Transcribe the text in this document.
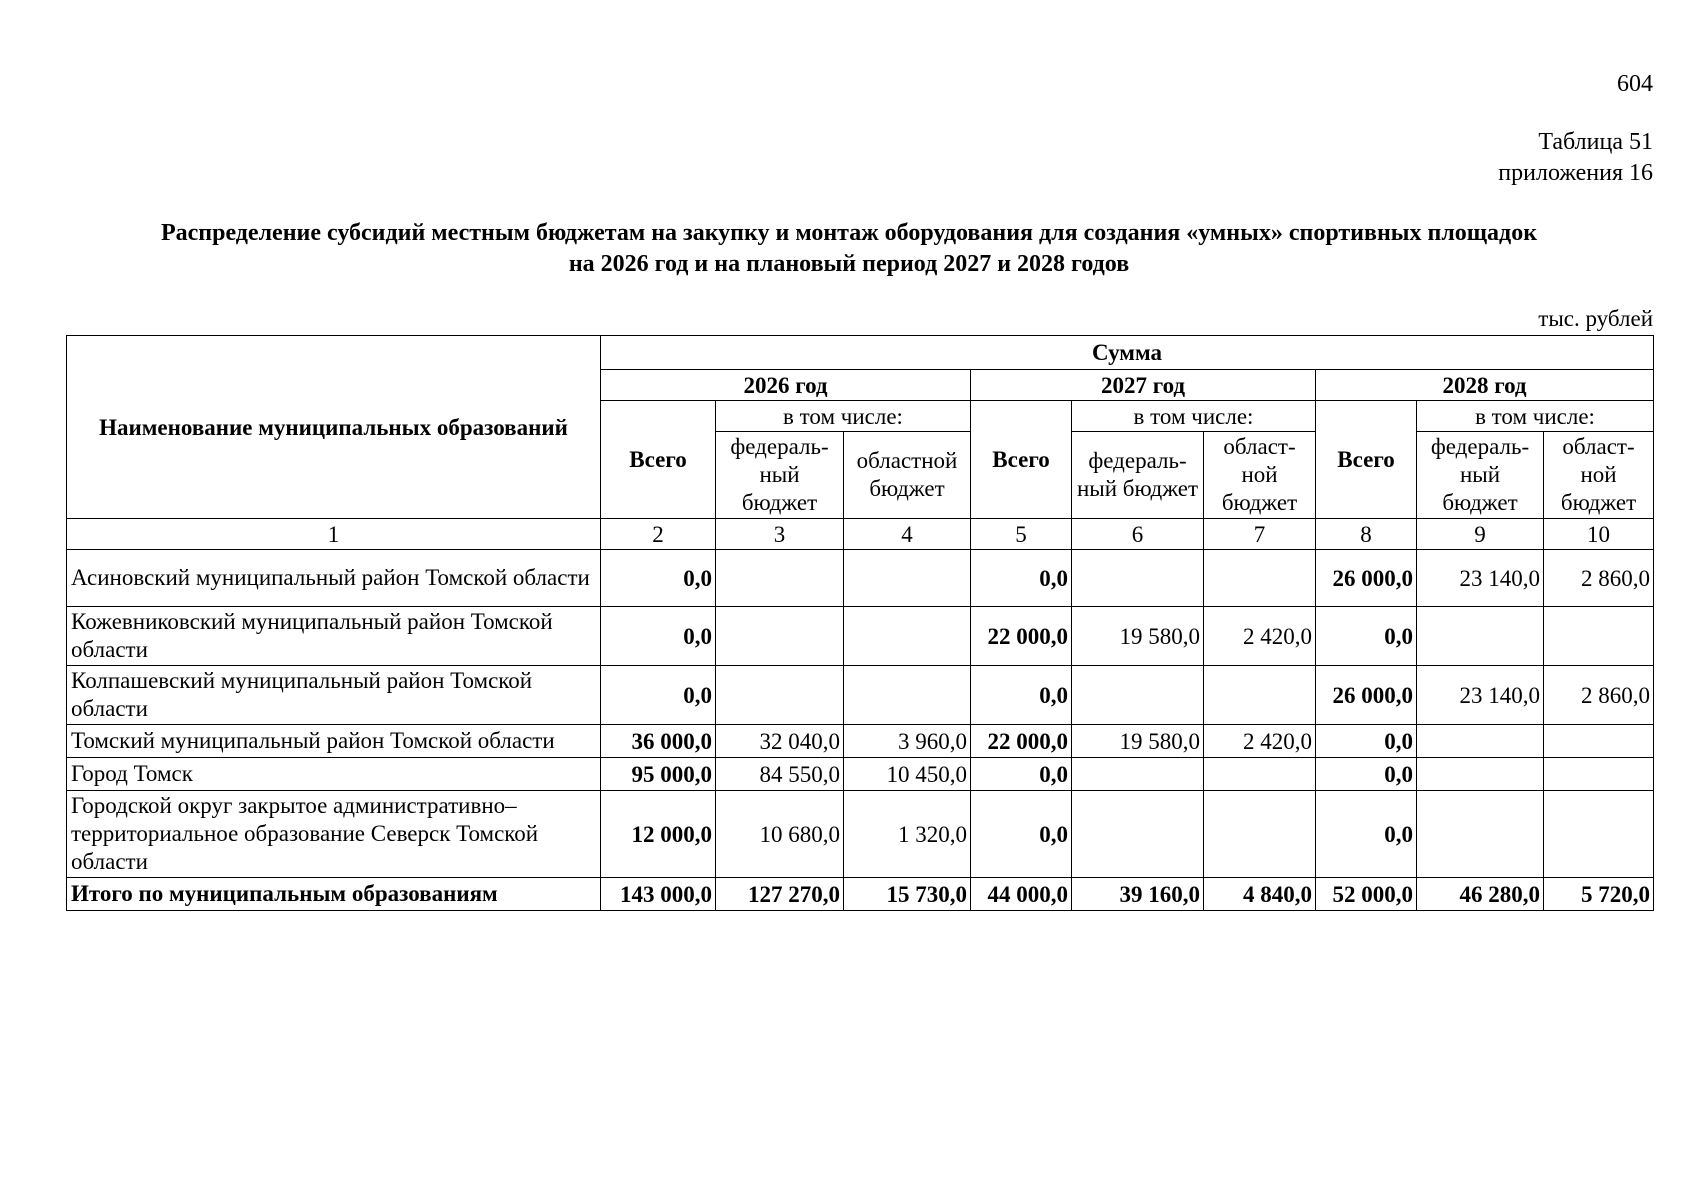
604
Таблица 51
приложения 16
Распределение субсидий местным бюджетам на закупку и монтаж оборудования для создания «умных» спортивных площадок
на 2026 год и на плановый период 2027 и 2028 годов
тыс. рублей
Наименование муниципальных образований	Сумма								
	2026 год			2027 год			2028 год		
	Всего	в том числе:		Всего	в том числе:		Всего	в том числе:	
		федераль-ный бюджет	областной бюджет		федераль-ный бюджет	област-ной бюджет		федераль-ный бюджет	област-ной бюджет
1	2	3	4	5	6	7	8	9	10
Асиновский муниципальный район Томской области	0,0			0,0			26 000,0	23 140,0	2 860,0
Кожевниковский муниципальный район Томской области	0,0			22 000,0	19 580,0	2 420,0	0,0		
Колпашевский муниципальный район Томской области	0,0			0,0			26 000,0	23 140,0	2 860,0
Томский муниципальный район Томской области	36 000,0	32 040,0	3 960,0	22 000,0	19 580,0	2 420,0	0,0		
Город Томск	95 000,0	84 550,0	10 450,0	0,0			0,0		
Городской округ закрытое административно–территориальное образование Северск Томской области	12 000,0	10 680,0	1 320,0	0,0			0,0		
Итого по муниципальным образованиям	143 000,0	127 270,0	15 730,0	44 000,0	39 160,0	4 840,0	52 000,0	46 280,0	5 720,0
